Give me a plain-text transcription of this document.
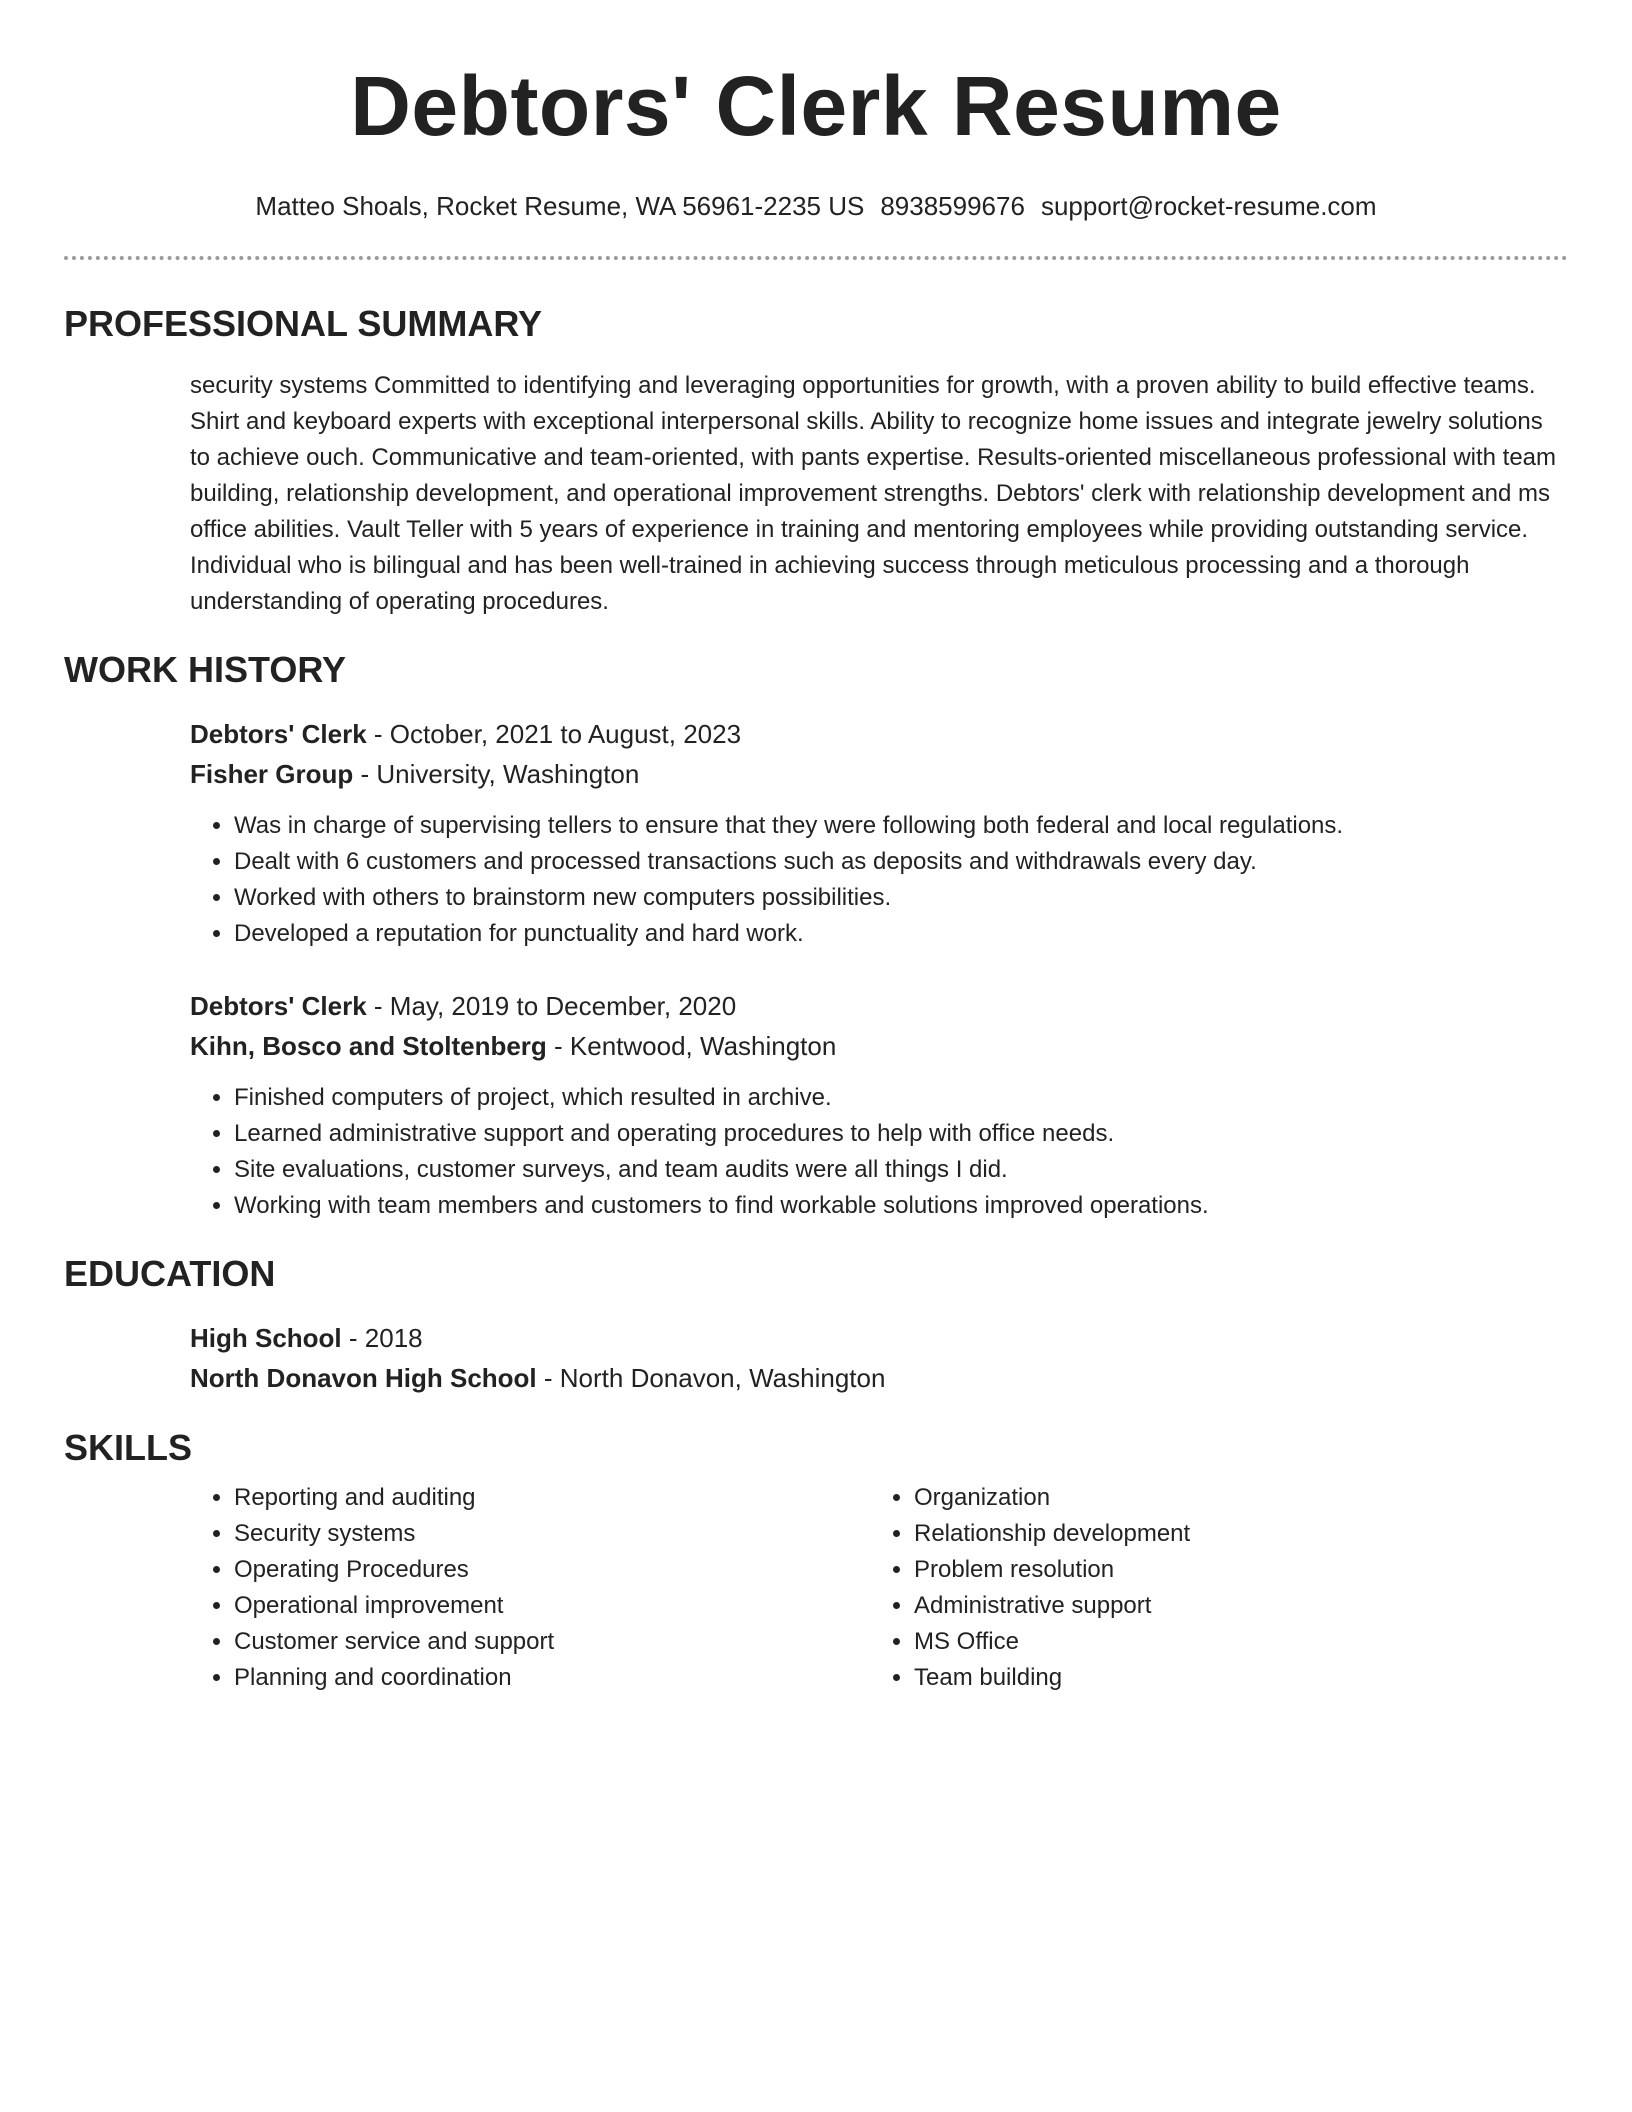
Debtors' Clerk Resume
Matteo Shoals, Rocket Resume, WA 56961-2235 US 8938599676 support@rocket-resume.com
PROFESSIONAL SUMMARY

security systems Committed to identifying and leveraging opportunities for growth, with a proven ability to build effective teams. Shirt and keyboard experts with exceptional interpersonal skills. Ability to recognize home issues and integrate jewelry solutions to achieve ouch. Communicative and team-oriented, with pants expertise. Results-oriented miscellaneous professional with team building, relationship development, and operational improvement strengths. Debtors' clerk with relationship development and ms office abilities. Vault Teller with 5 years of experience in training and mentoring employees while providing outstanding service. Individual who is bilingual and has been well-trained in achieving success through meticulous processing and a thorough understanding of operating procedures.

WORK HISTORY
Debtors' Clerk - October, 2021 to August, 2023
Fisher Group - University, Washington
• Was in charge of supervising tellers to ensure that they were following both federal and local regulations.
• Dealt with 6 customers and processed transactions such as deposits and withdrawals every day.
• Worked with others to brainstorm new computers possibilities.
• Developed a reputation for punctuality and hard work.
Debtors' Clerk - May, 2019 to December, 2020
Kihn, Bosco and Stoltenberg - Kentwood, Washington
• Finished computers of project, which resulted in archive.
• Learned administrative support and operating procedures to help with office needs.
• Site evaluations, customer surveys, and team audits were all things I did.
• Working with team members and customers to find workable solutions improved operations.
EDUCATION
High School - 2018
North Donavon High School - North Donavon, Washington
SKILLS
• Reporting and auditing
• Security systems
• Operating Procedures
• Operational improvement
• Customer service and support
• Planning and coordination
• Organization
• Relationship development
• Problem resolution
• Administrative support
• MS Office
• Team building
